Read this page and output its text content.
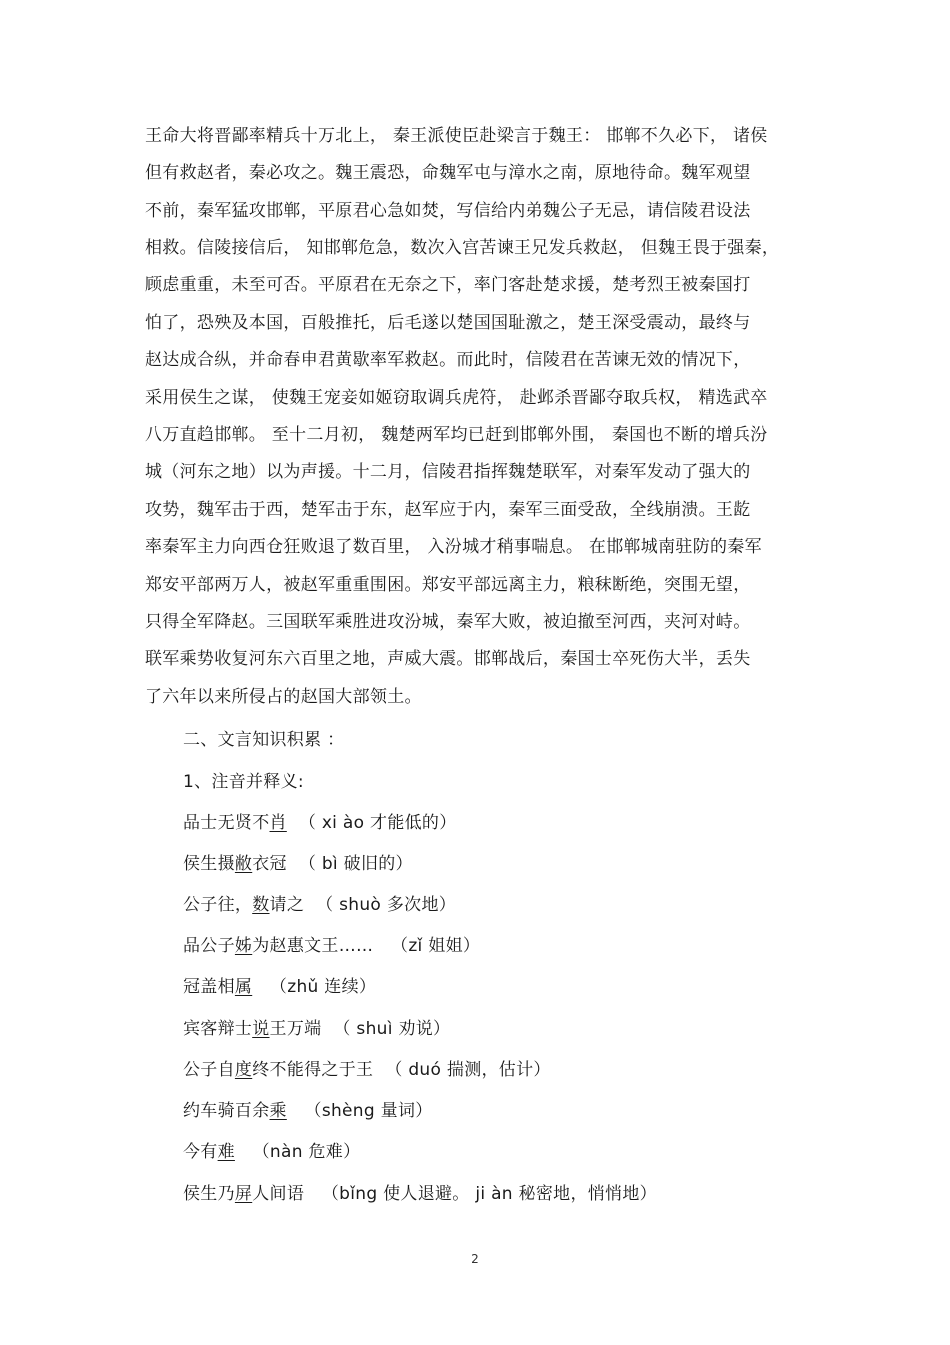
王命大将晋鄙率精兵十万北上， 秦王派使臣赴梁言于魏王： 邯郸不久必下， 诸侯
但有救赵者，秦必攻之。魏王震恐，命魏军屯与漳水之南，原地待命。魏军观望
不前，秦军猛攻邯郸，平原君心急如焚，写信给内弟魏公子无忌，请信陵君设法
相救。信陵接信后， 知邯郸危急，数次入宫苦谏王兄发兵救赵， 但魏王畏于强秦，
顾虑重重，未至可否。平原君在无奈之下，率门客赴楚求援，楚考烈王被秦国打
怕了，恐殃及本国，百般推托，后毛遂以楚国国耻激之，楚王深受震动，最终与
赵达成合纵，并命春申君黄歇率军救赵。而此时，信陵君在苦谏无效的情况下，
采用侯生之谋， 使魏王宠妾如姬窃取调兵虎符， 赴邺杀晋鄙夺取兵权， 精选武卒
八万直趋邯郸。 至十二月初， 魏楚两军均已赶到邯郸外围， 秦国也不断的增兵汾
城（河东之地）以为声援。十二月，信陵君指挥魏楚联军，对秦军发动了强大的
攻势，魏军击于西，楚军击于东，赵军应于内，秦军三面受敌，全线崩溃。王龁
率秦军主力向西仓狂败退了数百里， 入汾城才稍事喘息。 在邯郸城南驻防的秦军
郑安平部两万人，被赵军重重围困。郑安平部远离主力，粮秣断绝，突围无望，
只得全军降赵。三国联军乘胜进攻汾城，秦军大败，被迫撤至河西，夹河对峙。
联军乘势收复河东六百里之地，声威大震。邯郸战后，秦国士卒死伤大半，丢失
了六年以来所侵占的赵国大部领土。
二、文言知识积累 ：
1、注音并释义:
品士无贤不肖 （ xi ào 才能低的）
侯生摄敝衣冠 （ bì 破旧的）
公子往，数请之 （ shuò 多次地）
品公子姊为赵惠文王…… （zǐ 姐姐）
冠盖相属 （zhǔ 连续）
宾客辩士说王万端 （ shuì 劝说）
公子自度终不能得之于王 （ duó 揣测，估计）
约车骑百余乘 （shèng 量词）
今有难 （nàn 危难）
侯生乃屏人间语 （bǐng 使人退避。 ji àn 秘密地，悄悄地）
2
